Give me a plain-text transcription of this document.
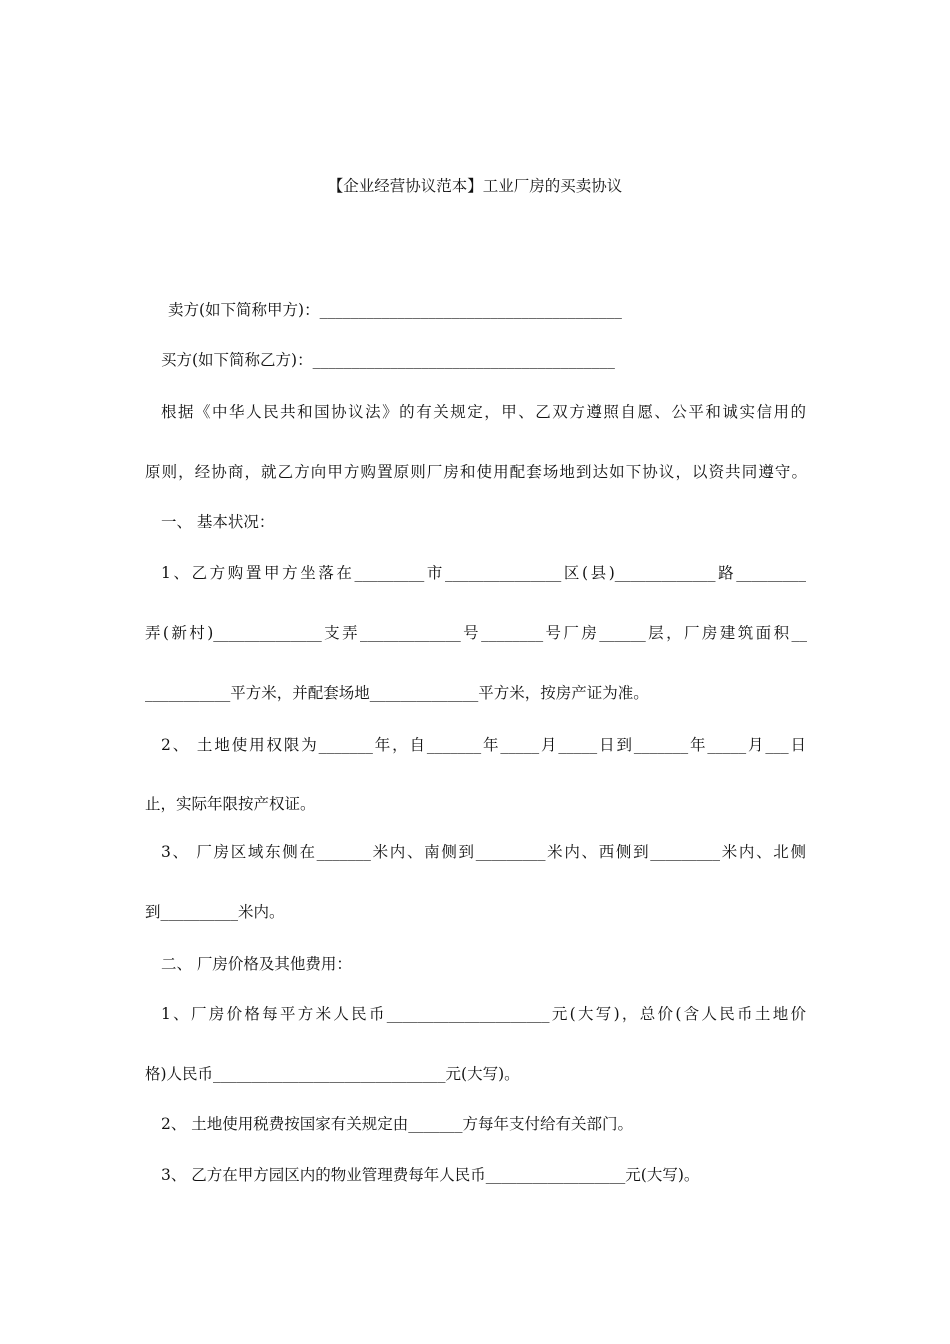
【企业经营协议范本】工业厂房的买卖协议
卖方(如下简称甲方)：_______________________________________
买方(如下简称乙方)：_______________________________________
根据《中华人民共和国协议法》的有关规定，甲、乙双方遵照自愿、公平和诚实信用的
原则，经协商，就乙方向甲方购置原则厂房和使用配套场地到达如下协议，以资共同遵守。
一、 基本状况：
1、乙方购置甲方坐落在_________市_______________区(县)_____________路_________
弄(新村)______________支弄_____________号________号厂房______层，厂房建筑面积__
___________平方米，并配套场地______________平方米，按房产证为准。
2、 土地使用权限为_______年，自_______年_____月_____日到_______年_____月___日
止，实际年限按产权证。
3、 厂房区域东侧在_______米内、南侧到_________米内、西侧到_________米内、北侧
到__________米内。
二、 厂房价格及其他费用：
1、厂房价格每平方米人民币_____________________元(大写)，总价(含人民币土地价
格)人民币______________________________元(大写)。
2、 土地使用税费按国家有关规定由_______方每年支付给有关部门。
3、 乙方在甲方园区内的物业管理费每年人民币__________________元(大写)。
